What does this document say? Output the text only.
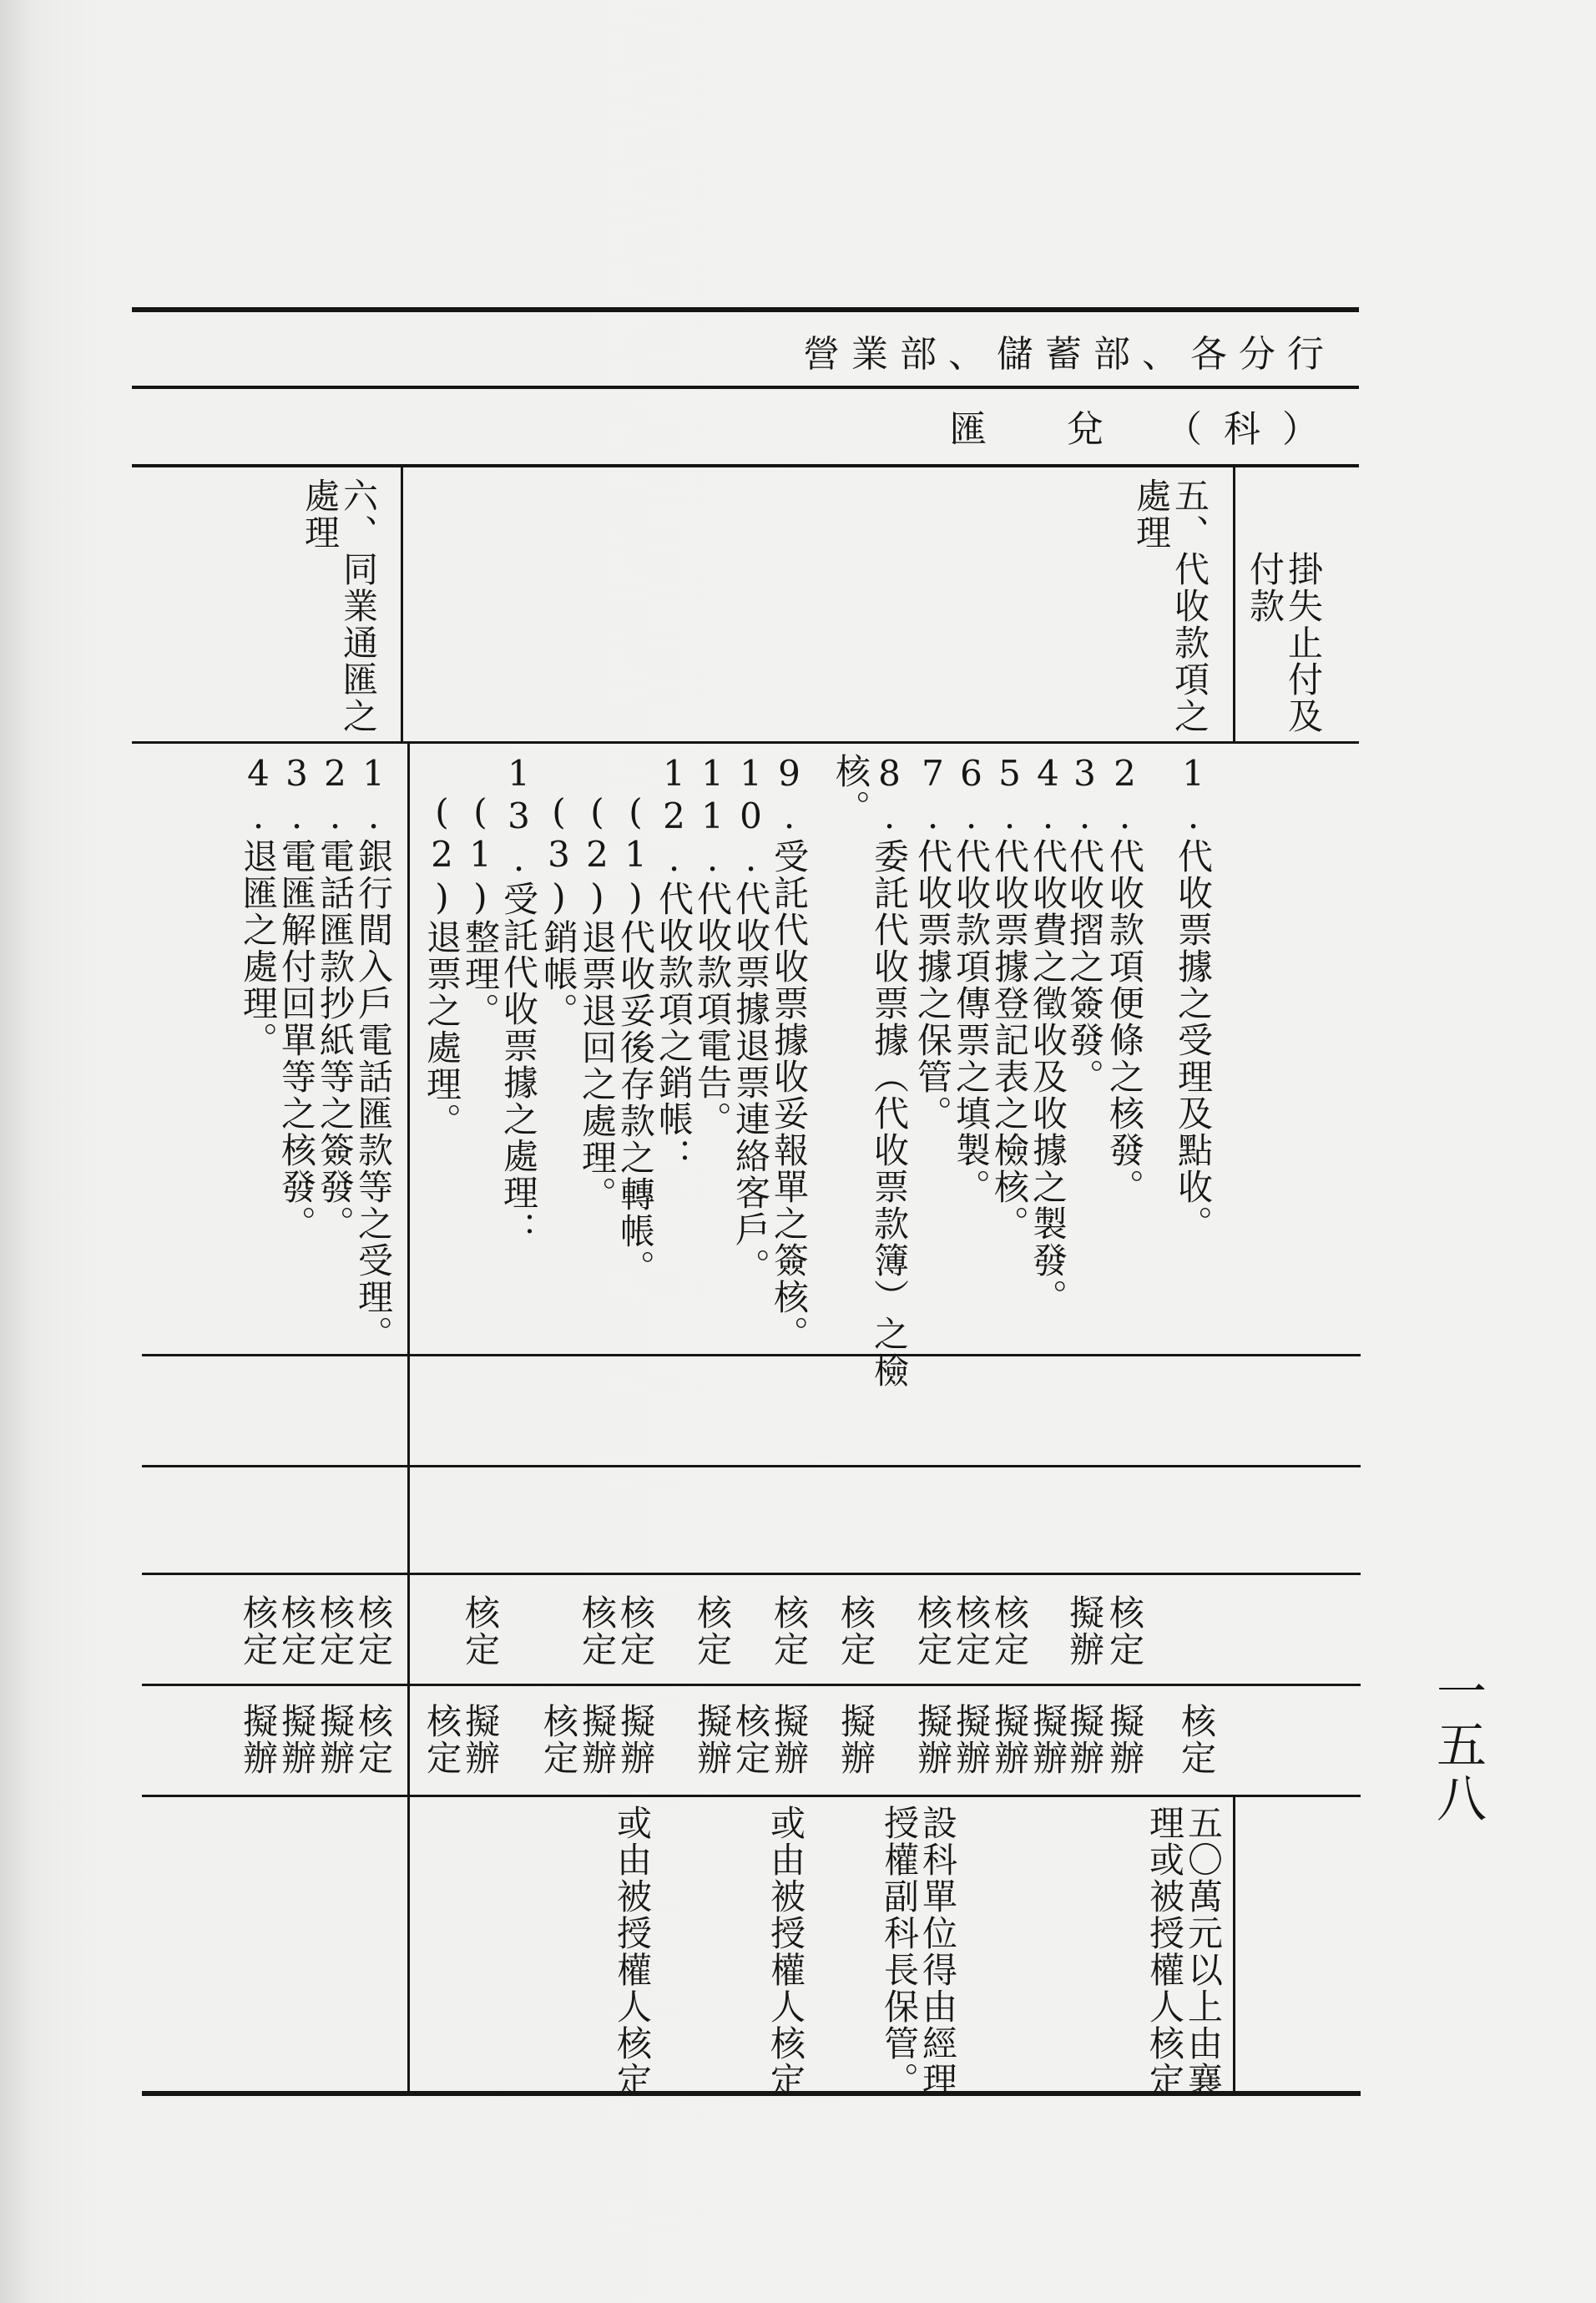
營業部、儲蓄部、各分行
匯　兌　（科）
掛失止付及
付款
五、代收款項之
處理
六、同業通匯之
處理
1.代收票據之受理及點收。
2.代收款項便條之核發。
3.代收摺之簽發。
4.代收費之徵收及收據之製發。
5.代收票據登記表之檢核。
6.代收款項傳票之填製。
7.代收票據之保管。
8.委託代收票據（代收票款簿）之檢
核。
9.受託代收票據收妥報單之簽核。
10.代收票據退票連絡客戶。
11.代收款項電告。
12.代收款項之銷帳：
(1)代收妥後存款之轉帳。
(2)退票退回之處理。
(3)銷帳。
13.受託代收票據之處理：
(1)整理。
(2)退票之處理。
1.銀行間入戶電話匯款等之受理。
2.電話匯款抄紙等之簽發。
3.電匯解付回單等之核發。
4.退匯之處理。
核定
擬辦
擬辦
擬辦
擬辦
核定
擬辦
核定
擬辦
核定
擬辦
核定
擬辦
核定
擬辦
核定
核定
擬辦
核定
擬辦
核定
擬辦
核定
核定
擬辦
核定
核定
核定
核定
擬辦
核定
擬辦
核定
擬辦
核定
五〇萬元以上由襄
理或被授權人核定
設科單位得由經理
授權副科長保管。
或由被授權人核定
或由被授權人核定
一五八
